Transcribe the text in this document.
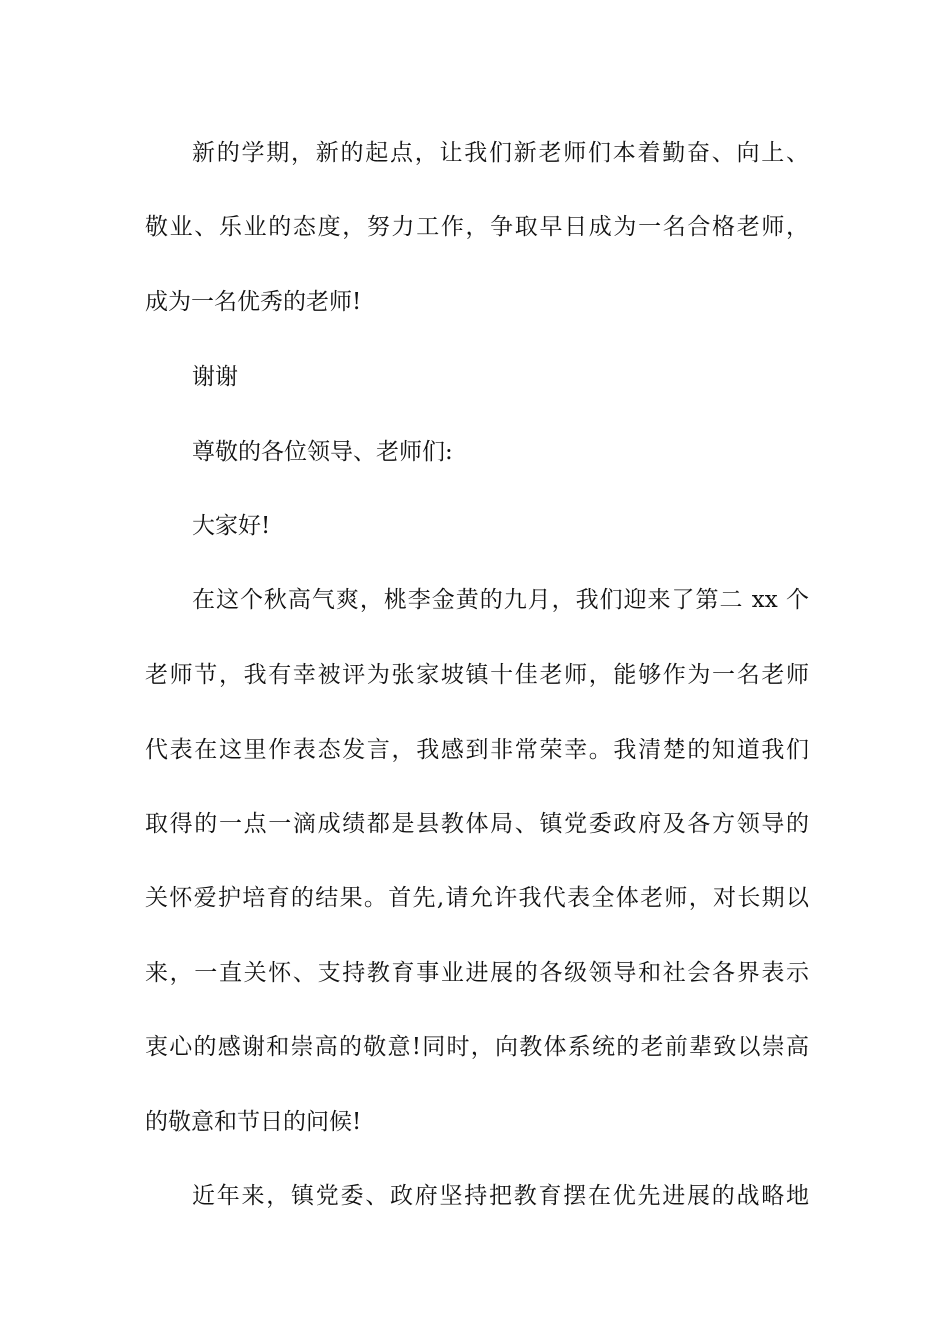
新的学期，新的起点，让我们新老师们本着勤奋、向上、

敬业、乐业的态度，努力工作，争取早日成为一名合格老师，

成为一名优秀的老师!

谢谢

尊敬的各位领导、老师们:

大家好!

在这个秋高气爽，桃李金黄的九月，我们迎来了第二 xx 个

老师节，我有幸被评为张家坡镇十佳老师，能够作为一名老师

代表在这里作表态发言，我感到非常荣幸。我清楚的知道我们

取得的一点一滴成绩都是县教体局、镇党委政府及各方领导的

关怀爱护培育的结果。首先,请允许我代表全体老师，对长期以

来，一直关怀、支持教育事业进展的各级领导和社会各界表示

衷心的感谢和崇高的敬意!同时，向教体系统的老前辈致以崇高

的敬意和节日的问候!

近年来，镇党委、政府坚持把教育摆在优先进展的战略地
